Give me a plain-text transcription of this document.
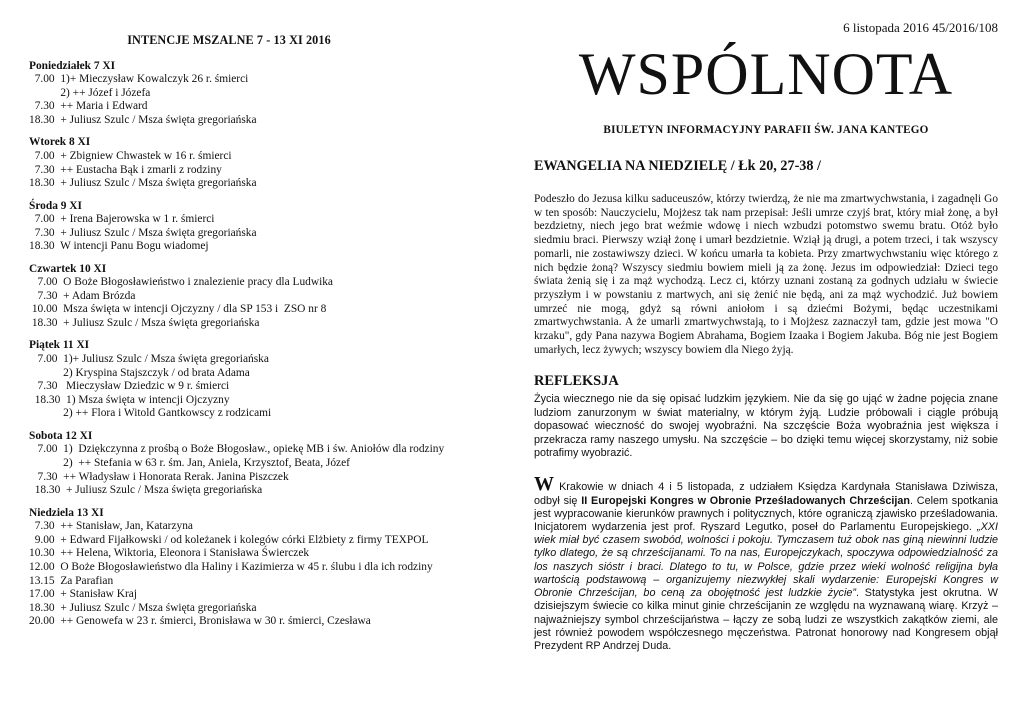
INTENCJE MSZALNE 7 - 13 XI 2016
Poniedziałek 7 XI
7.00  1)+ Mieczysław Kowalczyk 26 r. śmierci
2) ++ Józef i Józefa
7.30  ++ Maria i Edward
18.30  + Juliusz Szulc / Msza święta gregoriańska
Wtorek 8 XI
7.00  + Zbigniew Chwastek w 16 r. śmierci
7.30  ++ Eustacha Bąk i zmarli z rodziny
18.30  + Juliusz Szulc / Msza święta gregoriańska
Środa 9 XI
7.00  + Irena Bajerowska w 1 r. śmierci
7.30  + Juliusz Szulc / Msza święta gregoriańska
18.30  W intencji Panu Bogu wiadomej
Czwartek 10 XI
7.00  O Boże Błogosławieństwo i znalezienie pracy dla Ludwika
7.30  + Adam Brózda
10.00  Msza święta w intencji Ojczyzny / dla SP 153 i  ZSO nr 8
18.30  + Juliusz Szulc / Msza święta gregoriańska
Piątek 11 XI
7.00  1)+ Juliusz Szulc / Msza święta gregoriańska
2) Kryspina Stajszczyk / od brata Adama
7.30   Mieczysław Dziedzic w 9 r. śmierci
18.30  1) Msza święta w intencji Ojczyzny
2) ++ Flora i Witold Gantkowscy z rodzicami
Sobota 12 XI
7.00  1)  Dziękczynna z prośbą o Boże Błogosław., opiekę MB i św. Aniołów dla rodziny
2)  ++ Stefania w 63 r. śm. Jan, Aniela, Krzysztof, Beata, Józef
7.30  ++ Władysław i Honorata Rerak. Janina Piszczek
18.30  + Juliusz Szulc / Msza święta gregoriańska
Niedziela 13 XI
7.30  ++ Stanisław, Jan, Katarzyna
9.00  + Edward Fijałkowski / od koleżanek i kolegów córki Elżbiety z firmy TEXPOL
10.30  ++ Helena, Wiktoria, Eleonora i Stanisława Świerczek
12.00  O Boże Błogosławieństwo dla Haliny i Kazimierza w 45 r. ślubu i dla ich rodziny
13.15  Za Parafian
17.00  + Stanisław Kraj
18.30  + Juliusz Szulc / Msza święta gregoriańska
20.00  ++ Genowefa w 23 r. śmierci, Bronisława w 30 r. śmierci, Czesława
6 listopada 2016 45/2016/108
WSPÓLNOTA
BIULETYN INFORMACYJNY PARAFII ŚW. JANA KANTEGO
EWANGELIA NA NIEDZIELĘ / Łk 20, 27-38 /
Podeszło do Jezusa kilku saduceuszów, którzy twierdzą, że nie ma zmartwychwstania, i zagadnęli Go w ten sposób: Nauczycielu, Mojżesz tak nam przepisał: Jeśli umrze czyjś brat, który miał żonę, a był bezdzietny, niech jego brat weźmie wdowę i niech wzbudzi potomstwo swemu bratu. Otóż było siedmiu braci. Pierwszy wziął żonę i umarł bezdzietnie. Wziął ją drugi, a potem trzeci, i tak wszyscy pomarli, nie zostawiwszy dzieci. W końcu umarła ta kobieta. Przy zmartwychwstaniu więc którego z nich będzie żoną? Wszyscy siedmiu bowiem mieli ją za żonę. Jezus im odpowiedział: Dzieci tego świata żenią się i za mąż wychodzą. Lecz ci, którzy uznani zostaną za godnych udziału w świecie przyszłym i w powstaniu z martwych, ani się żenić nie będą, ani za mąż wychodzić. Już bowiem umrzeć nie mogą, gdyż są równi aniołom i są dziećmi Bożymi, będąc uczestnikami zmartwychwstania. A że umarli zmartwychwstają, to i Mojżesz zaznaczył tam, gdzie jest mowa "O krzaku", gdy Pana nazywa Bogiem Abrahama, Bogiem Izaaka i Bogiem Jakuba. Bóg nie jest Bogiem umarłych, lecz żywych; wszyscy bowiem dla Niego żyją.
REFLEKSJA
Życia wiecznego nie da się opisać ludzkim językiem. Nie da się go ująć w żadne pojęcia znane ludziom zanurzonym w świat materialny, w którym żyją. Ludzie próbowali i ciągle próbują dopasować wieczność do swojej wyobraźni. Na szczęście Boża wyobraźnia jest większa i przekracza ramy naszego umysłu. Na szczęście – bo dzięki temu więcej skorzystamy, niż sobie potrafimy wyobrazić.
W Krakowie w dniach 4 i 5 listopada, z udziałem Księdza Kardynała Stanisława Dziwisza, odbył się II Europejski Kongres w Obronie Prześladowanych Chrześcijan. Celem spotkania jest wypracowanie kierunków prawnych i politycznych, które ograniczą zjawisko prześladowania. Inicjatorem wydarzenia jest prof. Ryszard Legutko, poseł do Parlamentu Europejskiego. „XXI wiek miał być czasem swobód, wolności i pokoju. Tymczasem tuż obok nas giną niewinni ludzie tylko dlatego, że są chrześcijanami. To na nas, Europejczykach, spoczywa odpowiedzialność za los naszych sióstr i braci. Dlatego to tu, w Polsce, gdzie przez wieki wolność religijna była wartością podstawową – organizujemy niezwykłej skali wydarzenie: Europejski Kongres w Obronie Chrześcijan, bo ceną za obojętność jest ludzkie życie”. Statystyka jest okrutna. W dzisiejszym świecie co kilka minut ginie chrześcijanin ze względu na wyznawaną wiarę. Krzyż – najważniejszy symbol chrześcijaństwa – łączy ze sobą ludzi ze wszystkich zakątków ziemi, ale jest również powodem współczesnego męczeństwa. Patronat honorowy nad Kongresem objął Prezydent RP Andrzej Duda.
